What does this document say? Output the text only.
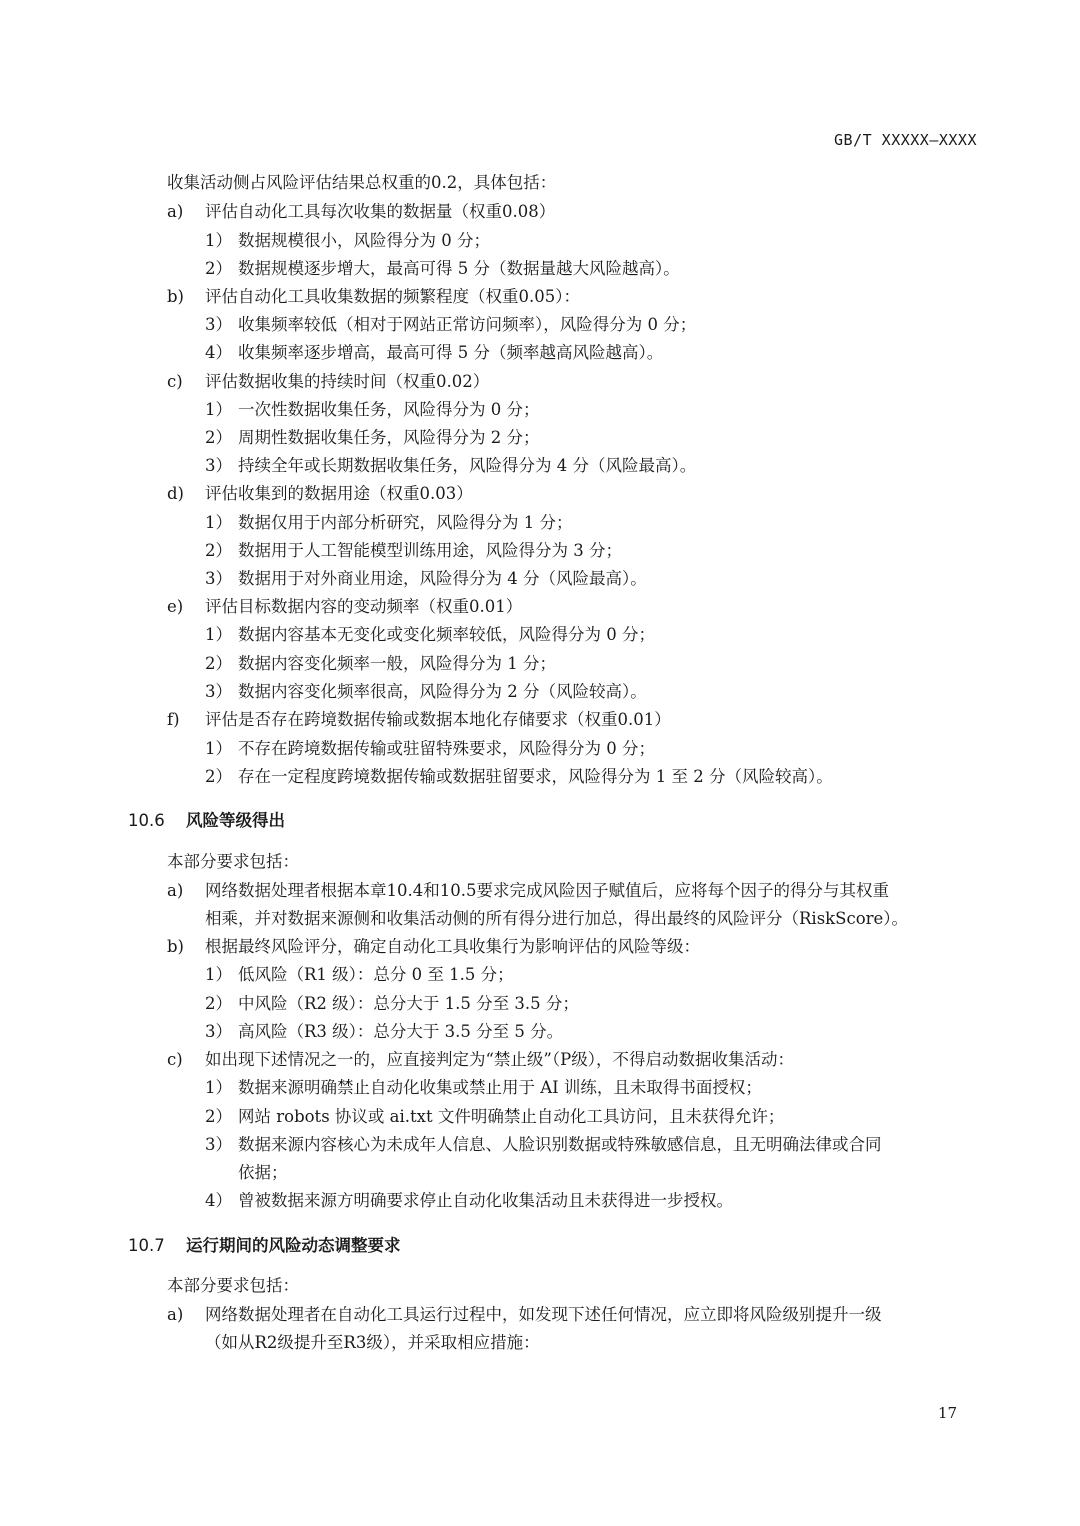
GB/T XXXXX—XXXX
收集活动侧占风险评估结果总权重的0.2，具体包括：
a) 评估自动化工具每次收集的数据量（权重0.08）
1） 数据规模很小，风险得分为 0 分；
2） 数据规模逐步增大，最高可得 5 分（数据量越大风险越高）。
b) 评估自动化工具收集数据的频繁程度（权重0.05）：
3） 收集频率较低（相对于网站正常访问频率），风险得分为 0 分；
4） 收集频率逐步增高，最高可得 5 分（频率越高风险越高）。
c) 评估数据收集的持续时间（权重0.02）
1） 一次性数据收集任务，风险得分为 0 分；
2） 周期性数据收集任务，风险得分为 2 分；
3） 持续全年或长期数据收集任务，风险得分为 4 分（风险最高）。
d) 评估收集到的数据用途（权重0.03）
1） 数据仅用于内部分析研究，风险得分为 1 分；
2） 数据用于人工智能模型训练用途，风险得分为 3 分；
3） 数据用于对外商业用途，风险得分为 4 分（风险最高）。
e) 评估目标数据内容的变动频率（权重0.01）
1） 数据内容基本无变化或变化频率较低，风险得分为 0 分；
2） 数据内容变化频率一般，风险得分为 1 分；
3） 数据内容变化频率很高，风险得分为 2 分（风险较高）。
f) 评估是否存在跨境数据传输或数据本地化存储要求（权重0.01）
1） 不存在跨境数据传输或驻留特殊要求，风险得分为 0 分；
2） 存在一定程度跨境数据传输或数据驻留要求，风险得分为 1 至 2 分（风险较高）。
10.6 风险等级得出
本部分要求包括：
a) 网络数据处理者根据本章10.4和10.5要求完成风险因子赋值后，应将每个因子的得分与其权重
相乘，并对数据来源侧和收集活动侧的所有得分进行加总，得出最终的风险评分（RiskScore）。
b) 根据最终风险评分，确定自动化工具收集行为影响评估的风险等级：
1） 低风险（R1 级）：总分 0 至 1.5 分；
2） 中风险（R2 级）：总分大于 1.5 分至 3.5 分；
3） 高风险（R3 级）：总分大于 3.5 分至 5 分。
c) 如出现下述情况之一的，应直接判定为“禁止级”（P级），不得启动数据收集活动：
1） 数据来源明确禁止自动化收集或禁止用于 AI 训练，且未取得书面授权；
2） 网站 robots 协议或 ai.txt 文件明确禁止自动化工具访问，且未获得允许；
3） 数据来源内容核心为未成年人信息、人脸识别数据或特殊敏感信息，且无明确法律或合同
依据；
4） 曾被数据来源方明确要求停止自动化收集活动且未获得进一步授权。
10.7 运行期间的风险动态调整要求
本部分要求包括：
a) 网络数据处理者在自动化工具运行过程中，如发现下述任何情况，应立即将风险级别提升一级
（如从R2级提升至R3级），并采取相应措施：
17
